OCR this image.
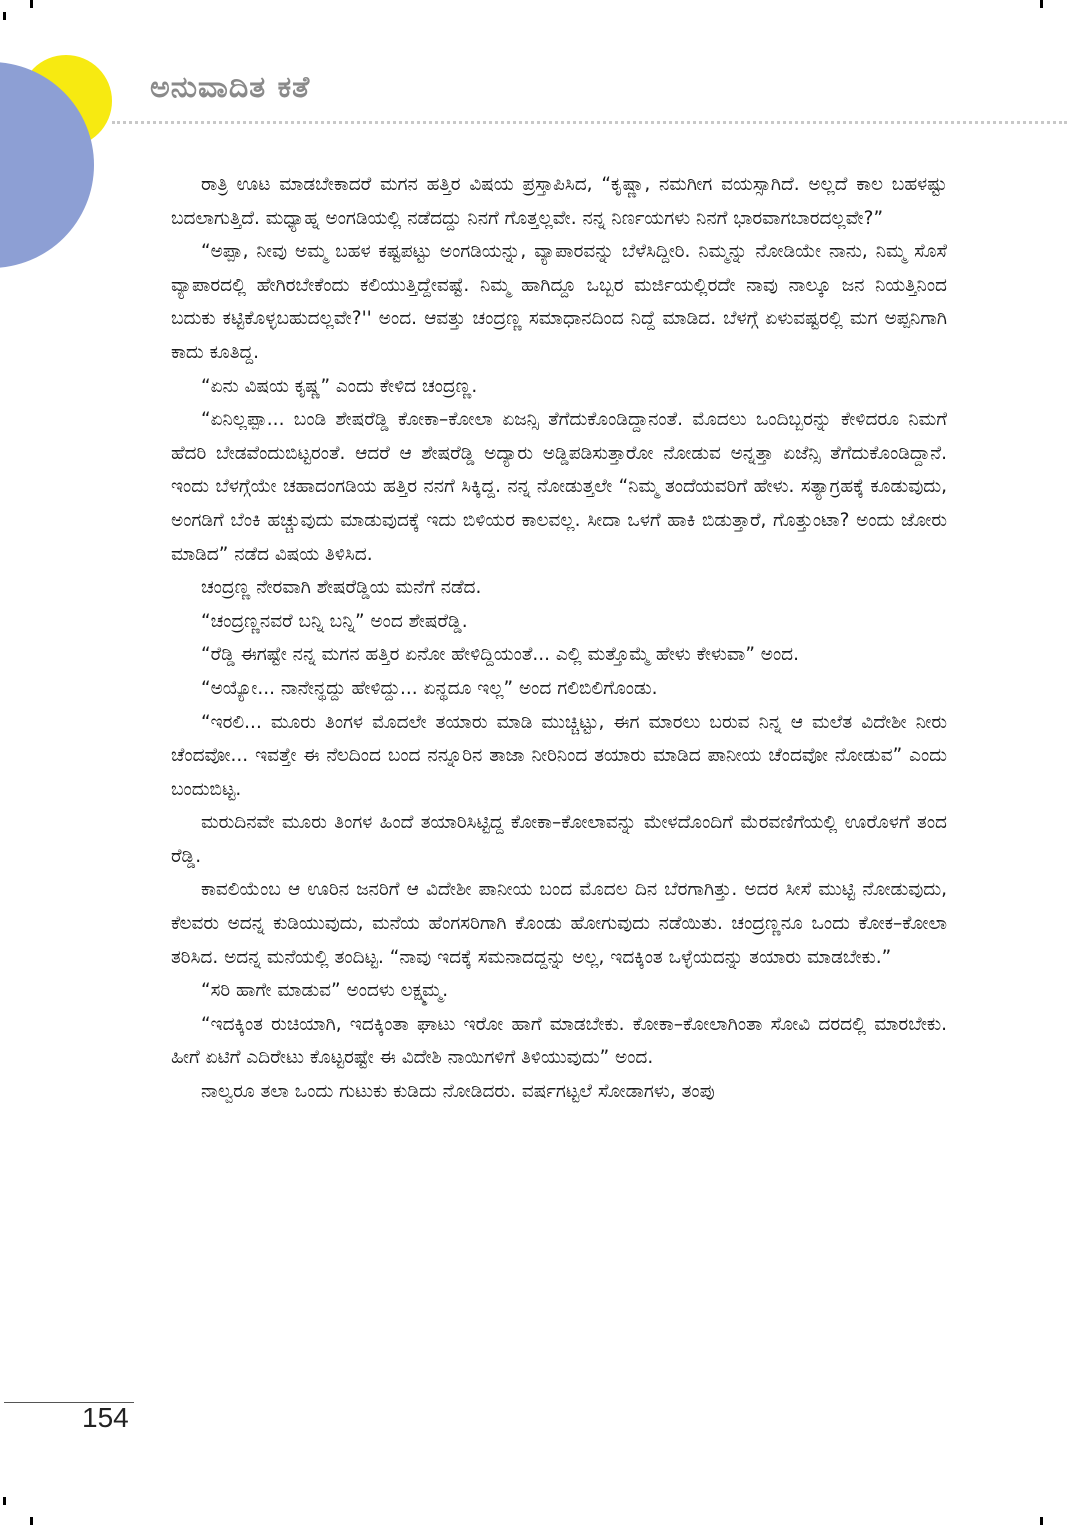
ಅನುವಾದಿತ ಕತೆ

ರಾತ್ರಿ ಊಟ ಮಾಡಬೇಕಾದರೆ ಮಗನ ಹತ್ತಿರ ವಿಷಯ ಪ್ರಸ್ತಾಪಿಸಿದ, “ಕೃಷ್ಣಾ, ನಮಗೀಗ ವಯಸ್ಸಾಗಿದೆ. ಅಲ್ಲದೆ ಕಾಲ ಬಹಳಷ್ಟು ಬದಲಾಗುತ್ತಿದೆ. ಮಧ್ಯಾಹ್ನ ಅಂಗಡಿಯಲ್ಲಿ ನಡೆದದ್ದು ನಿನಗೆ ಗೊತ್ತಲ್ಲವೇ. ನನ್ನ ನಿರ್ಣಯಗಳು ನಿನಗೆ ಭಾರವಾಗಬಾರದಲ್ಲವೇ?”

“ಅಪ್ಪಾ, ನೀವು ಅಮ್ಮ ಬಹಳ ಕಷ್ಟಪಟ್ಟು ಅಂಗಡಿಯನ್ನು, ವ್ಯಾಪಾರವನ್ನು ಬೆಳೆಸಿದ್ದೀರಿ. ನಿಮ್ಮನ್ನು ನೋಡಿಯೇ ನಾನು, ನಿಮ್ಮ ಸೊಸೆ ವ್ಯಾಪಾರದಲ್ಲಿ ಹೇಗಿರಬೇಕೆಂದು ಕಲಿಯುತ್ತಿದ್ದೇವಷ್ಟೆ. ನಿಮ್ಮ ಹಾಗಿದ್ದೂ ಒಬ್ಬರ ಮರ್ಜಿಯಲ್ಲಿರದೇ ನಾವು ನಾಲ್ಕೂ ಜನ ನಿಯತ್ತಿನಿಂದ ಬದುಕು ಕಟ್ಟಿಕೊಳ್ಳಬಹುದಲ್ಲವೇ?'' ಅಂದ. ಆವತ್ತು ಚಂದ್ರಣ್ಣ ಸಮಾಧಾನದಿಂದ ನಿದ್ದೆ ಮಾಡಿದ. ಬೆಳಗ್ಗೆ ಏಳುವಷ್ಟರಲ್ಲಿ ಮಗ ಅಪ್ಪನಿಗಾಗಿ ಕಾದು ಕೂತಿದ್ದ.

“ಏನು ವಿಷಯ ಕೃಷ್ಣ” ಎಂದು ಕೇಳಿದ ಚಂದ್ರಣ್ಣ.

“ಏನಿಲ್ಲಪ್ಪಾ... ಬಂಡಿ ಶೇಷರೆಡ್ಡಿ ಕೋಕಾ–ಕೋಲಾ ಏಜನ್ಸಿ ತೆಗೆದುಕೊಂಡಿದ್ದಾನಂತೆ. ಮೊದಲು ಒಂದಿಬ್ಬರನ್ನು ಕೇಳಿದರೂ ನಿಮಗೆ ಹೆದರಿ ಬೇಡವೆಂದುಬಿಟ್ಟರಂತೆ. ಆದರೆ ಆ ಶೇಷರೆಡ್ಡಿ ಅದ್ಯಾರು ಅಡ್ಡಿಪಡಿಸುತ್ತಾರೋ ನೋಡುವ ಅನ್ನತ್ತಾ ಏಜೆನ್ಸಿ ತೆಗೆದುಕೊಂಡಿದ್ದಾನೆ. ಇಂದು ಬೆಳಗ್ಗೆಯೇ ಚಹಾದಂಗಡಿಯ ಹತ್ತಿರ ನನಗೆ ಸಿಕ್ಕಿದ್ದ. ನನ್ನ ನೋಡುತ್ತಲೇ “ನಿಮ್ಮ ತಂದೆಯವರಿಗೆ ಹೇಳು. ಸತ್ಯಾಗ್ರಹಕ್ಕೆ ಕೂಡುವುದು, ಅಂಗಡಿಗೆ ಬೆಂಕಿ ಹಚ್ಚುವುದು ಮಾಡುವುದಕ್ಕೆ ಇದು ಬಿಳಿಯರ ಕಾಲವಲ್ಲ. ಸೀದಾ ಒಳಗೆ ಹಾಕಿ ಬಿಡುತ್ತಾರೆ, ಗೊತ್ತುಂಟಾ? ಅಂದು ಜೋರು ಮಾಡಿದ” ನಡೆದ ವಿಷಯ ತಿಳಿಸಿದ.

ಚಂದ್ರಣ್ಣ ನೇರವಾಗಿ ಶೇಷರೆಡ್ಡಿಯ ಮನೆಗೆ ನಡೆದ.

“ಚಂದ್ರಣ್ಣನವರೆ ಬನ್ನಿ ಬನ್ನಿ” ಅಂದ ಶೇಷರೆಡ್ಡಿ.

“ರೆಡ್ಡಿ ಈಗಷ್ಟೇ ನನ್ನ ಮಗನ ಹತ್ತಿರ ಏನೋ ಹೇಳಿದ್ದಿಯಂತೆ... ಎಲ್ಲಿ ಮತ್ತೊಮ್ಮೆ ಹೇಳು ಕೇಳುವಾ” ಅಂದ.

“ಅಯ್ಯೋ... ನಾನೇನ್ಥದ್ದು ಹೇಳಿದ್ದು... ಏನ್ಥದೂ ಇಲ್ಲ” ಅಂದ ಗಲಿಬಿಲಿಗೊಂಡು.

“ಇರಲಿ... ಮೂರು ತಿಂಗಳ ಮೊದಲೇ ತಯಾರು ಮಾಡಿ ಮುಚ್ಚಿಟ್ಟು, ಈಗ ಮಾರಲು ಬರುವ ನಿನ್ನ ಆ ಮಲೆತ ವಿದೇಶೀ ನೀರು ಚೆಂದವೋ... ಇವತ್ತೇ ಈ ನೆಲದಿಂದ ಬಂದ ನನ್ನೂರಿನ ತಾಜಾ ನೀರಿನಿಂದ ತಯಾರು ಮಾಡಿದ ಪಾನೀಯ ಚೆಂದವೋ ನೋಡುವ” ಎಂದು ಬಂದುಬಿಟ್ಟ.

ಮರುದಿನವೇ ಮೂರು ತಿಂಗಳ ಹಿಂದೆ ತಯಾರಿಸಿಟ್ಟಿದ್ದ ಕೋಕಾ–ಕೋಲಾವನ್ನು ಮೇಳದೊಂದಿಗೆ ಮೆರವಣಿಗೆಯಲ್ಲಿ ಊರೊಳಗೆ ತಂದ ರೆಡ್ಡಿ.

ಕಾವಲಿಯೆಂಬ ಆ ಊರಿನ ಜನರಿಗೆ ಆ ವಿದೇಶೀ ಪಾನೀಯ ಬಂದ ಮೊದಲ ದಿನ ಬೆರಗಾಗಿತ್ತು. ಅದರ ಸೀಸೆ ಮುಟ್ಟಿ ನೋಡುವುದು, ಕೆಲವರು ಅದನ್ನ ಕುಡಿಯುವುದು, ಮನೆಯ ಹೆಂಗಸರಿಗಾಗಿ ಕೊಂಡು ಹೋಗುವುದು ನಡೆಯಿತು. ಚಂದ್ರಣ್ಣನೂ ಒಂದು ಕೋಕ–ಕೋಲಾ ತರಿಸಿದ. ಅದನ್ನ ಮನೆಯಲ್ಲಿ ತಂದಿಟ್ಟ. “ನಾವು ಇದಕ್ಕೆ ಸಮನಾದದ್ದನ್ನು ಅಲ್ಲ, ಇದಕ್ಕಿಂತ ಒಳ್ಳೆಯದನ್ನು ತಯಾರು ಮಾಡಬೇಕು.”

“ಸರಿ ಹಾಗೇ ಮಾಡುವ” ಅಂದಳು ಲಕ್ಷ್ಮಮ್ಮ.

“ಇದಕ್ಕಿಂತ ರುಚಿಯಾಗಿ, ಇದಕ್ಕಿಂತಾ ಘಾಟು ಇರೋ ಹಾಗೆ ಮಾಡಬೇಕು. ಕೋಕಾ–ಕೋಲಾಗಿಂತಾ ಸೋವಿ ದರದಲ್ಲಿ ಮಾರಬೇಕು. ಹೀಗೆ ಏಟಿಗೆ ಎದಿರೇಟು ಕೊಟ್ಟರಷ್ಟೇ ಈ ವಿದೇಶಿ ನಾಯಿಗಳಿಗೆ ತಿಳಿಯುವುದು” ಅಂದ.

ನಾಲ್ವರೂ ತಲಾ ಒಂದು ಗುಟುಕು ಕುಡಿದು ನೋಡಿದರು. ವರ್ಷಗಟ್ಟಲೆ ಸೋಡಾಗಳು, ತಂಪು

154
